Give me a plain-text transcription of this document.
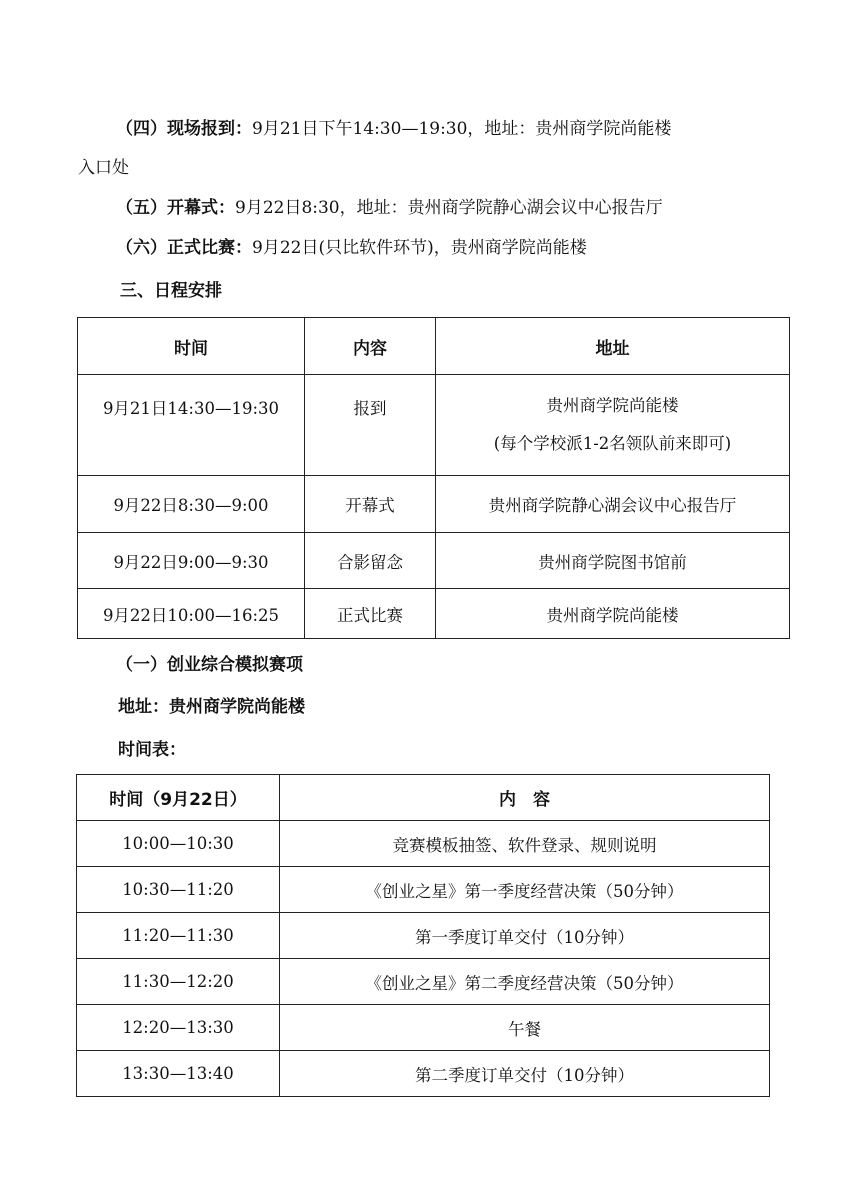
（四）现场报到：9月21日下午14:30—19:30，地址：贵州商学院尚能楼
入口处
（五）开幕式：9月22日8:30，地址：贵州商学院静心湖会议中心报告厅
（六）正式比赛：9月22日(只比软件环节)，贵州商学院尚能楼
三、日程安排
时间	内容	地址
9月21日14:30—19:30	报到	贵州商学院尚能楼
(每个学校派1-2名领队前来即可)

9月22日8:30—9:00	开幕式	贵州商学院静心湖会议中心报告厅
9月22日9:00—9:30	合影留念	贵州商学院图书馆前
9月22日10:00—16:25	正式比赛	贵州商学院尚能楼
（一）创业综合模拟赛项
地址：贵州商学院尚能楼
时间表：
时间（9月22日）	内　容
10:00—10:30	竞赛模板抽签、软件登录、规则说明
10:30—11:20	《创业之星》第一季度经营决策（50分钟）
11:20—11:30	第一季度订单交付（10分钟）
11:30—12:20	《创业之星》第二季度经营决策（50分钟）
12:20—13:30	午餐
13:30—13:40	第二季度订单交付（10分钟）
